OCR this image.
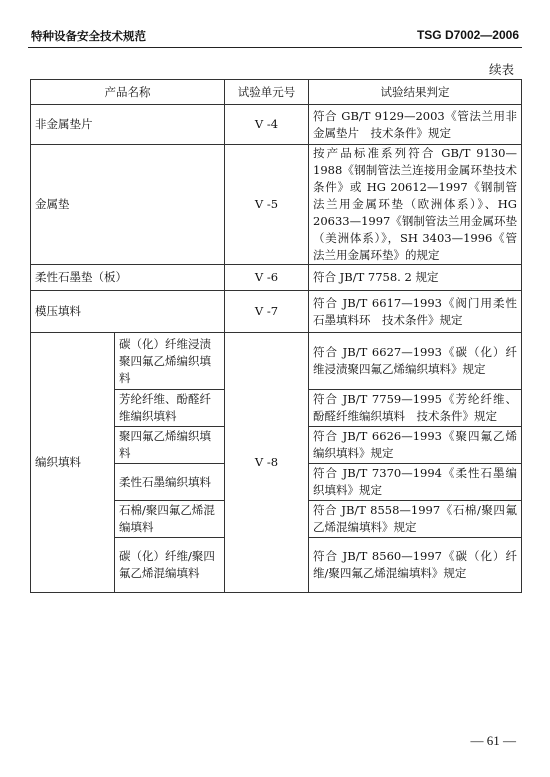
特种设备安全技术规范	TSG D7002—2006
续表
产品名称		试验单元号	试验结果判定
非金属垫片		V -4	符合 GB/T 9129—2003《管法兰用非金属垫片　技术条件》规定
金属垫		V -5	按产品标准系列符合 GB/T 9130—1988《钢制管法兰连接用金属环垫技术条件》或 HG 20612—1997《钢制管法兰用金属环垫（欧洲体系）》、HG 20633—1997《钢制管法兰用金属环垫（美洲体系）》，SH 3403—1996《管法兰用金属环垫》的规定
柔性石墨垫（板）		V -6	符合 JB/T 7758. 2 规定
模压填料		V -7	符合 JB/T 6617—1993《阀门用柔性石墨填料环　技术条件》规定
编织填料	碳（化）纤维浸渍聚四氟乙烯编织填料	V -8	符合 JB/T 6627—1993《碳（化）纤维浸渍聚四氟乙烯编织填料》规定
	芳纶纤维、酚醛纤维编织填料		符合 JB/T 7759—1995《芳纶纤维、酚醛纤维编织填料　技术条件》规定
	聚四氟乙烯编织填料		符合 JB/T 6626—1993《聚四氟乙烯编织填料》规定
	柔性石墨编织填料		符合 JB/T 7370—1994《柔性石墨编织填料》规定
	石棉/聚四氟乙烯混编填料		符合 JB/T 8558—1997《石棉/聚四氟乙烯混编填料》规定
	碳（化）纤维/聚四氟乙烯混编填料		符合 JB/T 8560—1997《碳（化）纤维/聚四氟乙烯混编填料》规定
— 61 —
